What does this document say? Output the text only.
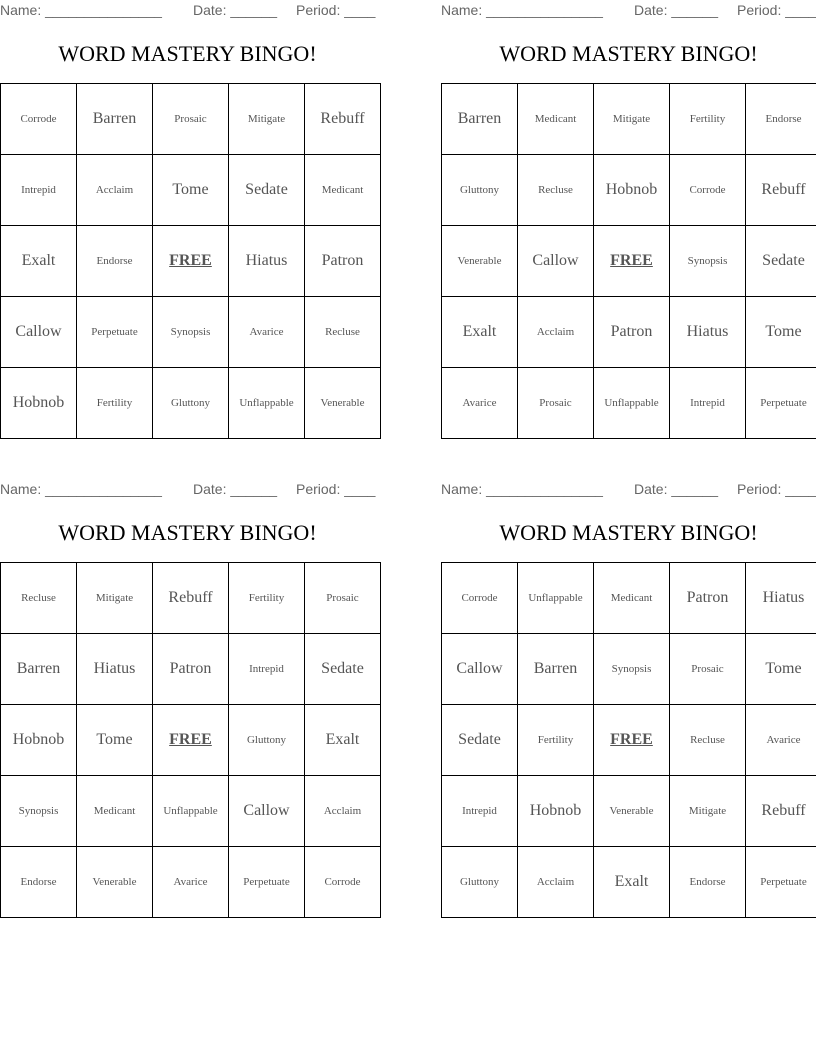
Name: _______________ Date: ______ Period: ____
WORD MASTERY BINGO!
Corrode	Barren	Prosaic	Mitigate	Rebuff
Intrepid	Acclaim	Tome	Sedate	Medicant
Exalt	Endorse	FREE	Hiatus	Patron
Callow	Perpetuate	Synopsis	Avarice	Recluse
Hobnob	Fertility	Gluttony	Unflappable	Venerable
Name: _______________ Date: ______ Period: ____
WORD MASTERY BINGO!
Barren	Medicant	Mitigate	Fertility	Endorse
Gluttony	Recluse	Hobnob	Corrode	Rebuff
Venerable	Callow	FREE	Synopsis	Sedate
Exalt	Acclaim	Patron	Hiatus	Tome
Avarice	Prosaic	Unflappable	Intrepid	Perpetuate
Name: _______________ Date: ______ Period: ____
WORD MASTERY BINGO!
Recluse	Mitigate	Rebuff	Fertility	Prosaic
Barren	Hiatus	Patron	Intrepid	Sedate
Hobnob	Tome	FREE	Gluttony	Exalt
Synopsis	Medicant	Unflappable	Callow	Acclaim
Endorse	Venerable	Avarice	Perpetuate	Corrode
Name: _______________ Date: ______ Period: ____
WORD MASTERY BINGO!
Corrode	Unflappable	Medicant	Patron	Hiatus
Callow	Barren	Synopsis	Prosaic	Tome
Sedate	Fertility	FREE	Recluse	Avarice
Intrepid	Hobnob	Venerable	Mitigate	Rebuff
Gluttony	Acclaim	Exalt	Endorse	Perpetuate
